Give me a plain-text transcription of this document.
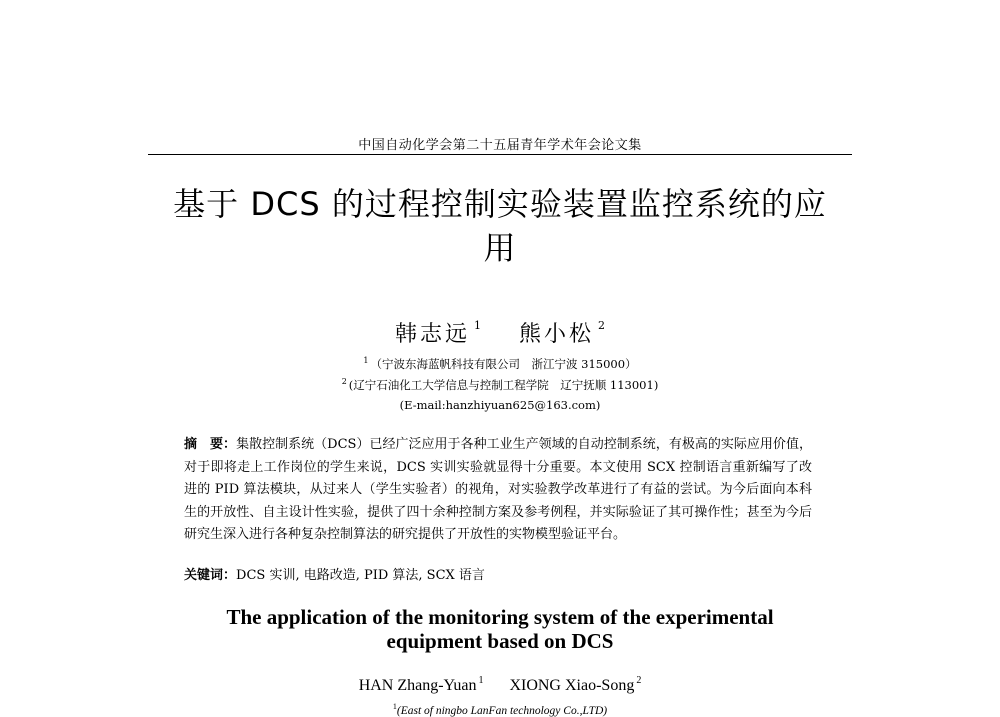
中国自动化学会第二十五届青年学术年会论文集
基于 DCS 的过程控制实验装置监控系统的应
用
韩志远 $^1$ 熊小松 $^2$
$^1$ （宁波东海蓝帆科技有限公司　浙江宁波 315000）
$^2$ (辽宁石油化工大学信息与控制工程学院　辽宁抚顺 113001)
(E-mail:hanzhiyuan625@163.com)
摘　要：集散控制系统（DCS）已经广泛应用于各种工业生产领域的自动控制系统，有极高的实际应用价值，对于即将走上工作岗位的学生来说，DCS 实训实验就显得十分重要。本文使用 SCX 控制语言重新编写了改进的 PID 算法模块，从过来人（学生实验者）的视角，对实验教学改革进行了有益的尝试。为今后面向本科生的开放性、自主设计性实验，提供了四十余种控制方案及参考例程，并实际验证了其可操作性；甚至为今后研究生深入进行各种复杂控制算法的研究提供了开放性的实物模型验证平台。
关键词：DCS 实训, 电路改造, PID 算法, SCX 语言
The application of the monitoring system of the experimental
equipment based on DCS
HAN Zhang-Yuan $^1$ XIONG Xiao-Song $^2$
$^1$(East of ningbo LanFan technology Co.,LTD)
